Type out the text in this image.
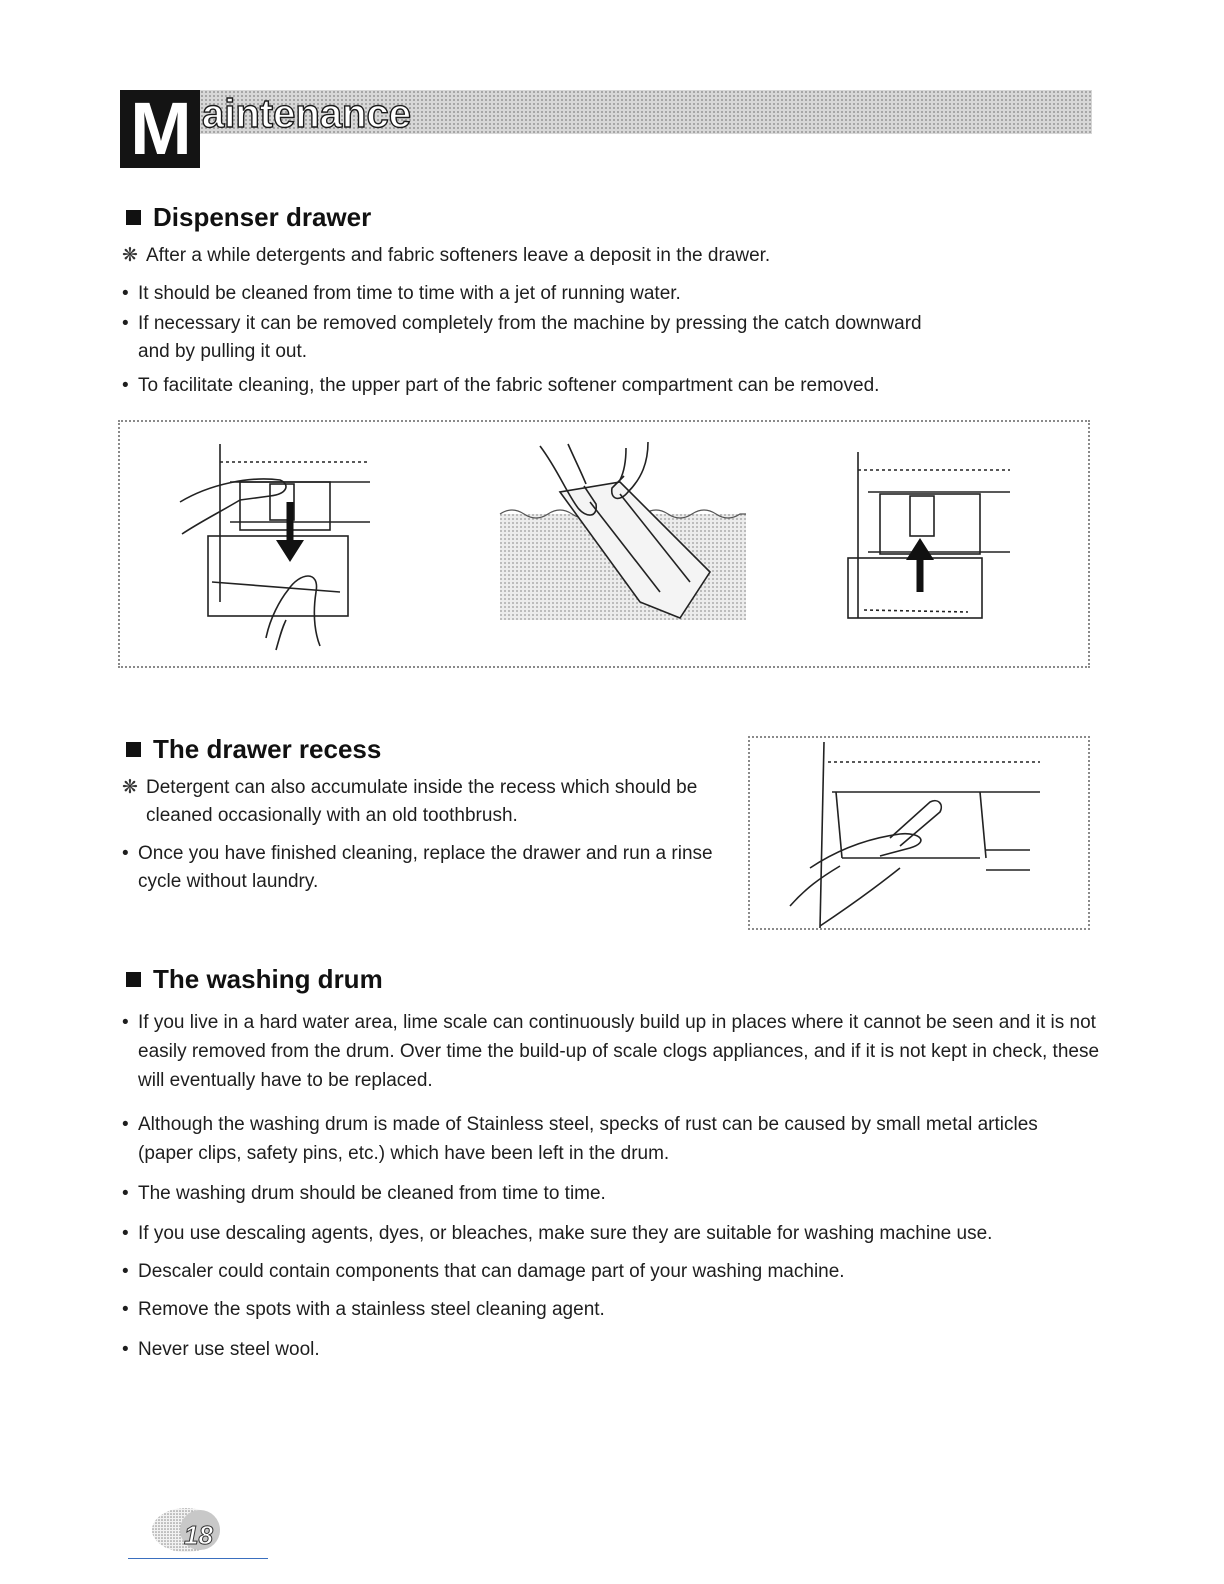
M aintenance
Dispenser drawer
❋ After a while detergents and fabric softeners leave a deposit in the drawer.
• It should be cleaned from time to time with a jet of running water.
• If necessary it can be removed completely from the machine by pressing the catch downward and by pulling it out.
• To facilitate cleaning, the upper part of the fabric softener compartment can be removed.
The drawer recess
❋ Detergent can also accumulate inside the recess which should be cleaned occasionally with an old toothbrush.
• Once you have finished cleaning, replace the drawer and run a rinse cycle without laundry.
The washing drum
• If you live in a hard water area, lime scale can continuously build up in places where it cannot be seen and it is not easily removed from the drum. Over time the build-up of scale clogs appliances, and if it is not kept in check, these will eventually have to be replaced.
• Although the washing drum is made of Stainless steel, specks of rust can be caused by small metal articles (paper clips, safety pins, etc.) which have been left in the drum.
• The washing drum should be cleaned from time to time.
• If you use descaling agents, dyes, or bleaches, make sure they are suitable for washing machine use.
• Descaler could contain components that can damage part of your washing machine.
• Remove the spots with a stainless steel cleaning agent.
• Never use steel wool.
18
